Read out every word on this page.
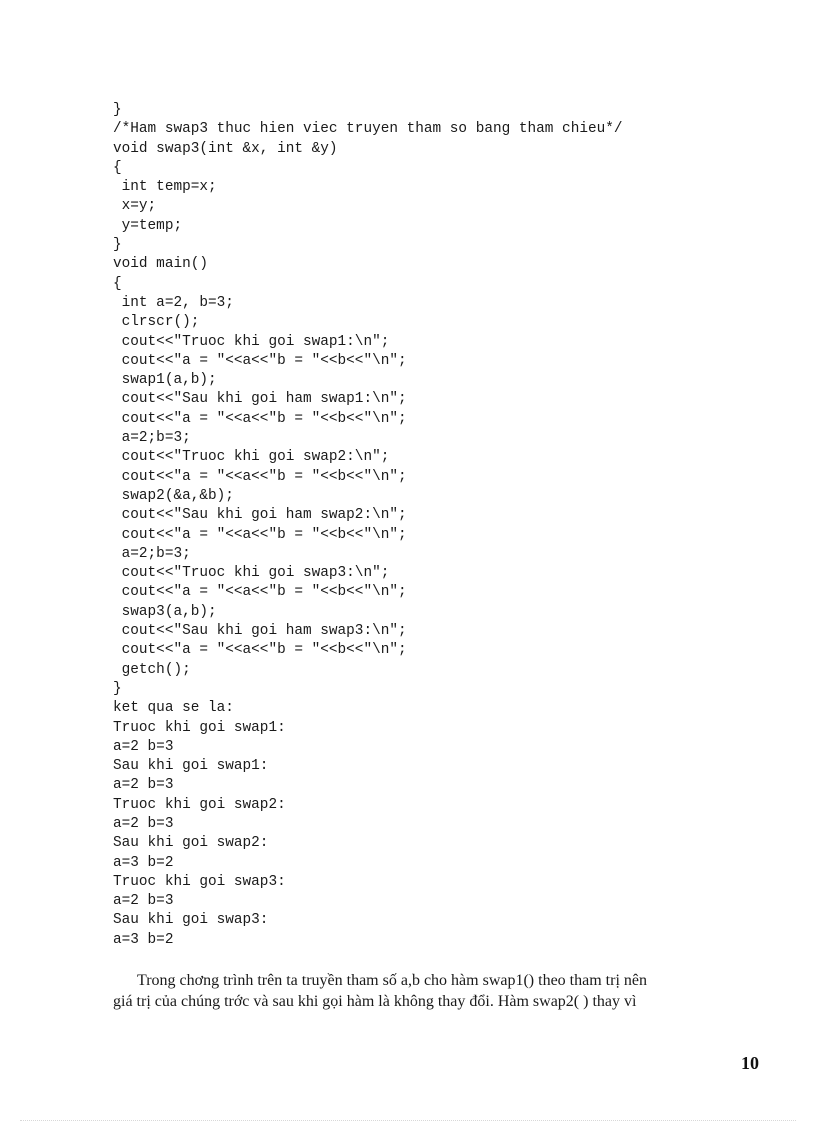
}
/*Ham swap3 thuc hien viec truyen tham so bang tham chieu*/
void swap3(int &x, int &y)
{
int temp=x;
x=y;
y=temp;
}
void main()
{
int a=2, b=3;
clrscr();
cout<<"Truoc khi goi swap1:\n";
cout<<"a = "<<a<<"b = "<<b<<"\n";
swap1(a,b);
cout<<"Sau khi goi ham swap1:\n";
cout<<"a = "<<a<<"b = "<<b<<"\n";
a=2;b=3;
cout<<"Truoc khi goi swap2:\n";
cout<<"a = "<<a<<"b = "<<b<<"\n";
swap2(&a,&b);
cout<<"Sau khi goi ham swap2:\n";
cout<<"a = "<<a<<"b = "<<b<<"\n";
a=2;b=3;
cout<<"Truoc khi goi swap3:\n";
cout<<"a = "<<a<<"b = "<<b<<"\n";
swap3(a,b);
cout<<"Sau khi goi ham swap3:\n";
cout<<"a = "<<a<<"b = "<<b<<"\n";
getch();
}
ket qua se la:
Truoc khi goi swap1:
a=2 b=3
Sau khi goi swap1:
a=2 b=3
Truoc khi goi swap2:
a=2 b=3
Sau khi goi swap2:
a=3 b=2
Truoc khi goi swap3:
a=2 b=3
Sau khi goi swap3:
a=3 b=2
Trong chơng trình trên ta truyền tham số a,b cho hàm swap1() theo tham trị nên
giá trị của chúng trớc và sau khi gọi hàm là không thay đổi. Hàm swap2( ) thay vì
10
